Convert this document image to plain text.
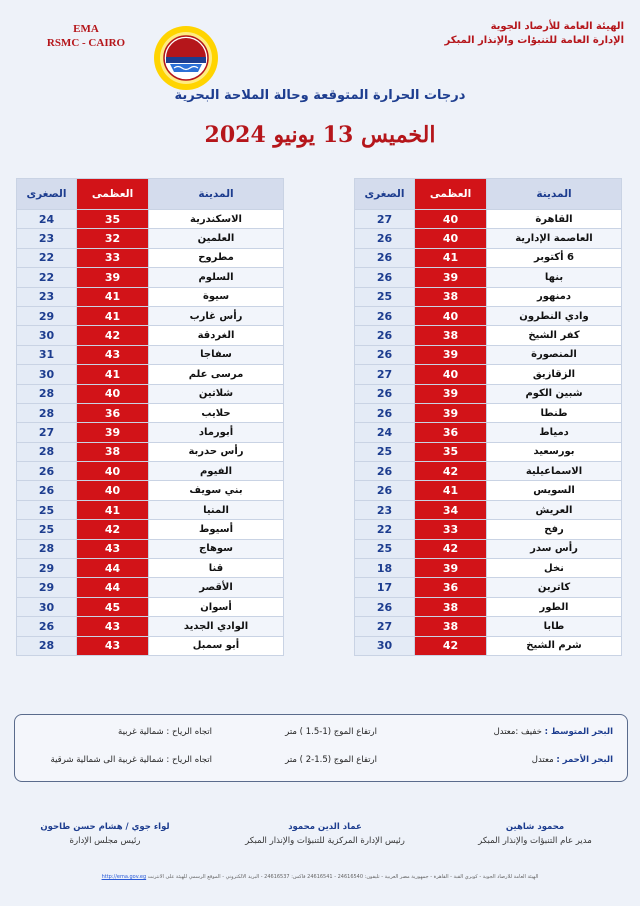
EMA
RSMC - CAIRO
الهيئة العامة للأرصاد الجوية
الإدارة العامة للتنبؤات والإنذار المبكر
درجات الحرارة المتوقعة وحالة الملاحة البحرية
الخميس 13 يونيو 2024
المدينة	العظمى	الصغرى
الاسكندرية	35	24
العلمين	32	23
مطروح	33	22
السلوم	39	22
سيوة	41	23
رأس غارب	41	29
الغردقة	42	30
سفاجا	43	31
مرسى علم	41	30
شلاتين	40	28
حلايب	36	28
أبورماد	39	27
رأس حدربة	38	28
الفيوم	40	26
بني سويف	40	26
المنيا	41	25
أسيوط	42	25
سوهاج	43	28
قنا	44	29
الأقصر	44	29
أسوان	45	30
الوادي الجديد	43	26
أبو سمبل	43	28
المدينة	العظمى	الصغرى
القاهرة	40	27
العاصمة الإدارية	40	26
6 أكتوبر	41	26
بنها	39	26
دمنهور	38	25
وادي النطرون	40	26
كفر الشيخ	38	26
المنصورة	39	26
الزقازيق	40	27
شبين الكوم	39	26
طنطا	39	26
دمياط	36	24
بورسعيد	35	25
الاسماعيلية	42	26
السويس	41	26
العريش	34	23
رفح	33	22
رأس سدر	42	25
نخل	39	18
كاترين	36	17
الطور	38	26
طابا	38	27
شرم الشيخ	42	30
البحر المتوسط : خفيف :معتدل
ارتفاع الموج (1-1.5 ) متر
اتجاه الرياح : شمالية غربية
البحر الأحمر : معتدل
ارتفاع الموج (1.5-2 ) متر
اتجاه الرياح : شمالية غربية الى شمالية شرقية
محمود شاهين
مدير عام التنبؤات والإنذار المبكر
عماد الدين محمود
رئيس الإدارة المركزية للتنبؤات والإنذار المبكر
لواء جوي / هشام حسن طاحون
رئيس مجلس الإدارة
http://ema.gov.eg الهيئة العامة للأرصاد الجوية - كوبري القبة - القاهرة - جمهورية مصر العربية - تليفون: 24616540 - 24616541 فاكس: 24616537 - البريد الالكتروني - الموقع الرسمي للهيئة على الانترنت
